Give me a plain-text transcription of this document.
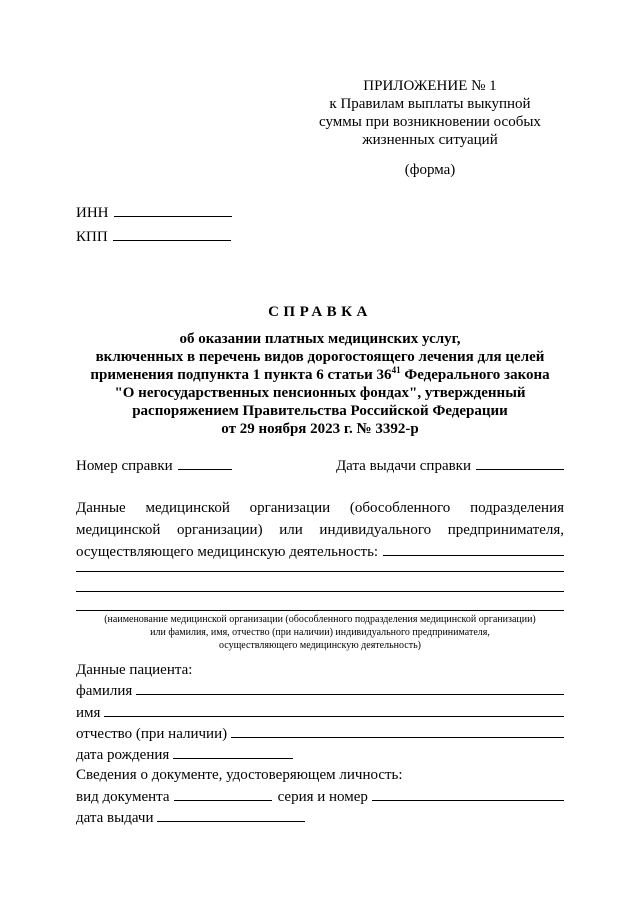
ПРИЛОЖЕНИЕ № 1
к Правилам выплаты выкупной
суммы при возникновении особых
жизненных ситуаций
(форма)
ИНН
КПП
СПРАВКА
об оказании платных медицинских услуг,
включенных в перечень видов дорогостоящего лечения для целей
применения подпункта 1 пункта 6 статьи $36^{41}$ Федерального закона
"О негосударственных пенсионных фондах", утвержденный
распоряжением Правительства Российской Федерации
от 29 ноября 2023 г. № 3392-р
Номер справки	Дата выдачи справки
Данные медицинской организации (обособленного подразделения
медицинской организации) или индивидуального предпринимателя,
осуществляющего медицинскую деятельность:
(наименование медицинской организации (обособленного подразделения медицинской организации)
или фамилия, имя, отчество (при наличии) индивидуального предпринимателя,
осуществляющего медицинскую деятельность)
Данные пациента:
фамилия
имя
отчество (при наличии)
дата рождения
Сведения о документе, удостоверяющем личность:
вид документа	серия и номер
дата выдачи
